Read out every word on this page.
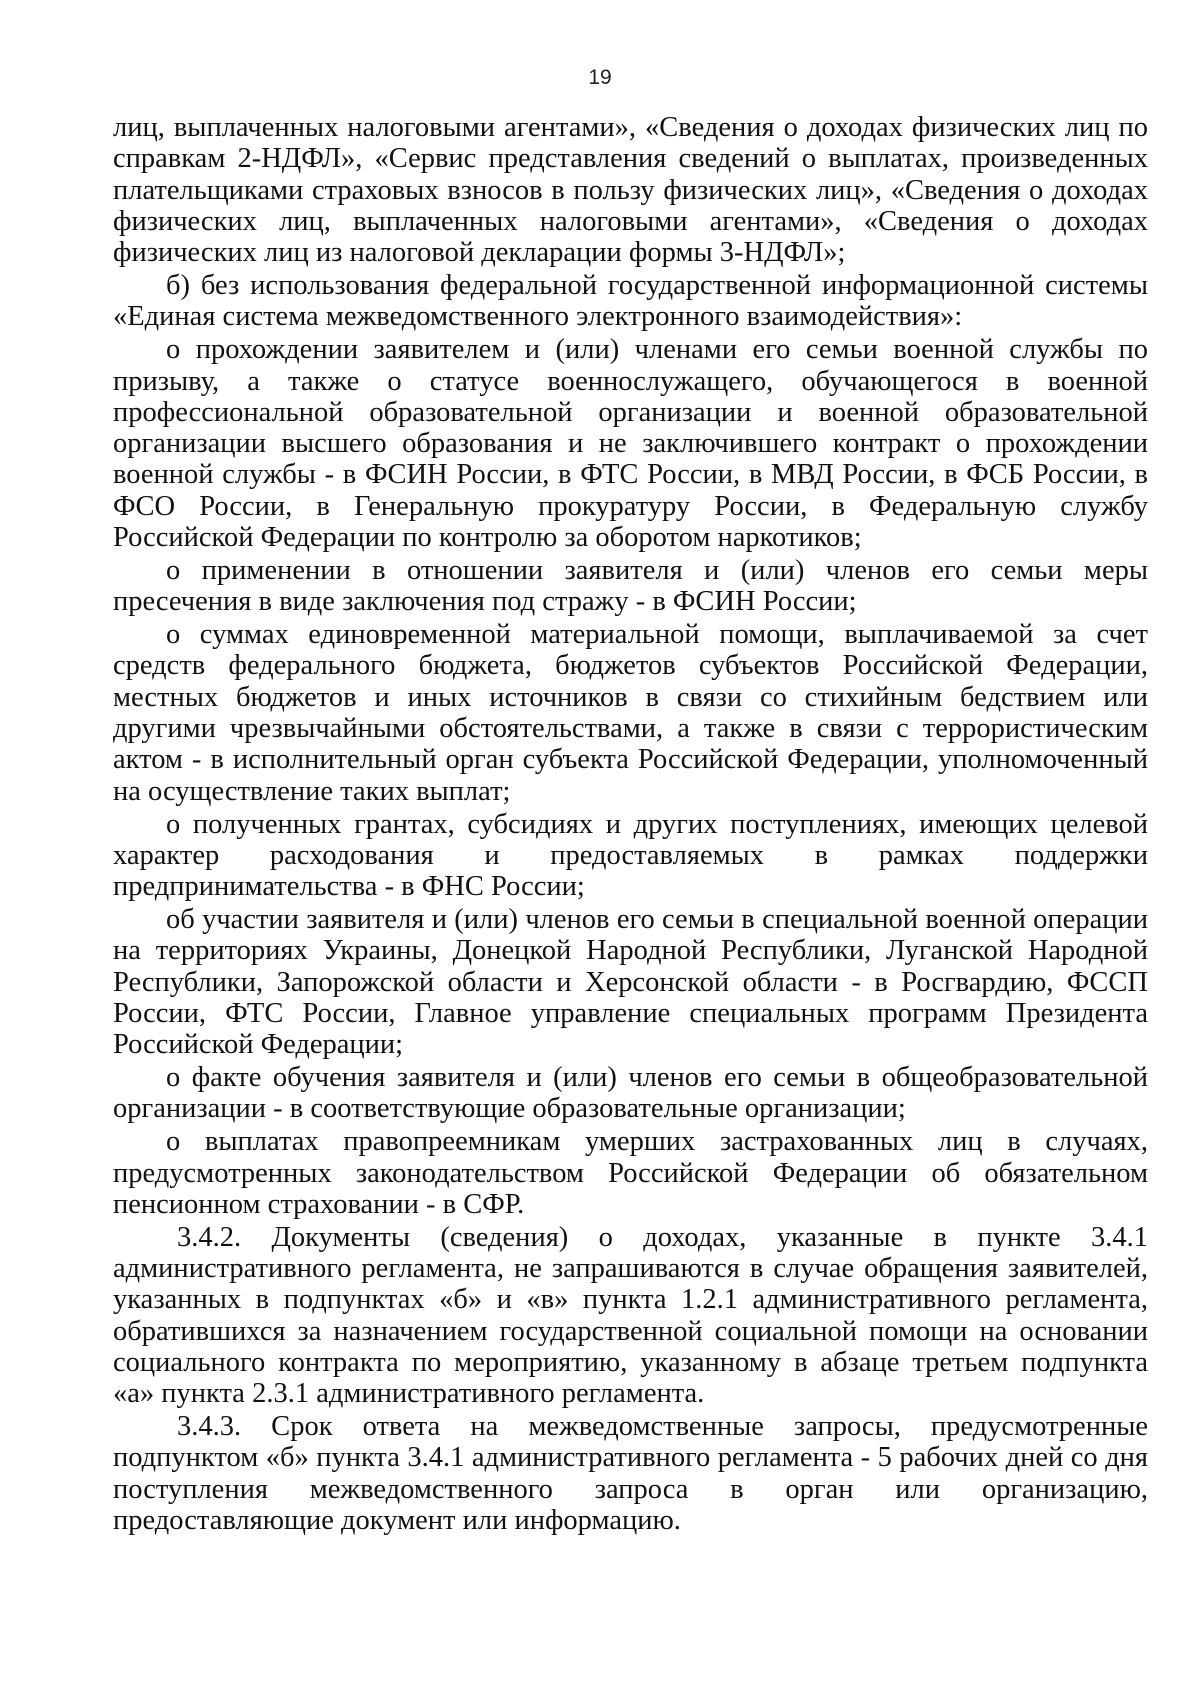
19

лиц, выплаченных налоговыми агентами», «Сведения о доходах физических лиц по справкам 2-НДФЛ», «Сервис представления сведений о выплатах, произведенных плательщиками страховых взносов в пользу физических лиц», «Сведения о доходах физических лиц, выплаченных налоговыми агентами», «Сведения о доходах физических лиц из налоговой декларации формы 3-НДФЛ»;

б) без использования федеральной государственной информационной системы «Единая система межведомственного электронного взаимодействия»:

о прохождении заявителем и (или) членами его семьи военной службы по призыву, а также о статусе военнослужащего, обучающегося в военной профессиональной образовательной организации и военной образовательной организации высшего образования и не заключившего контракт о прохождении военной службы - в ФСИН России, в ФТС России, в МВД России, в ФСБ России, в ФСО России, в Генеральную прокуратуру России, в Федеральную службу Российской Федерации по контролю за оборотом наркотиков;

о применении в отношении заявителя и (или) членов его семьи меры пресечения в виде заключения под стражу - в ФСИН России;

о суммах единовременной материальной помощи, выплачиваемой за счет средств федерального бюджета, бюджетов субъектов Российской Федерации, местных бюджетов и иных источников в связи со стихийным бедствием или другими чрезвычайными обстоятельствами, а также в связи с террористическим актом - в исполнительный орган субъекта Российской Федерации, уполномоченный на осуществление таких выплат;

о полученных грантах, субсидиях и других поступлениях, имеющих целевой характер расходования и предоставляемых в рамках поддержки предпринимательства - в ФНС России;

об участии заявителя и (или) членов его семьи в специальной военной операции на территориях Украины, Донецкой Народной Республики, Луганской Народной Республики, Запорожской области и Херсонской области - в Росгвардию, ФССП России, ФТС России, Главное управление специальных программ Президента Российской Федерации;

о факте обучения заявителя и (или) членов его семьи в общеобразовательной организации - в соответствующие образовательные организации;

о выплатах правопреемникам умерших застрахованных лиц в случаях, предусмотренных законодательством Российской Федерации об обязательном пенсионном страховании - в СФР.

3.4.2. Документы (сведения) о доходах, указанные в пункте 3.4.1 административного регламента, не запрашиваются в случае обращения заявителей, указанных в подпунктах «б» и «в» пункта 1.2.1 административного регламента, обратившихся за назначением государственной социальной помощи на основании социального контракта по мероприятию, указанному в абзаце третьем подпункта «а» пункта 2.3.1 административного регламента.

3.4.3. Срок ответа на межведомственные запросы, предусмотренные подпунктом «б» пункта 3.4.1 административного регламента - 5 рабочих дней со дня поступления межведомственного запроса в орган или организацию, предоставляющие документ или информацию.
